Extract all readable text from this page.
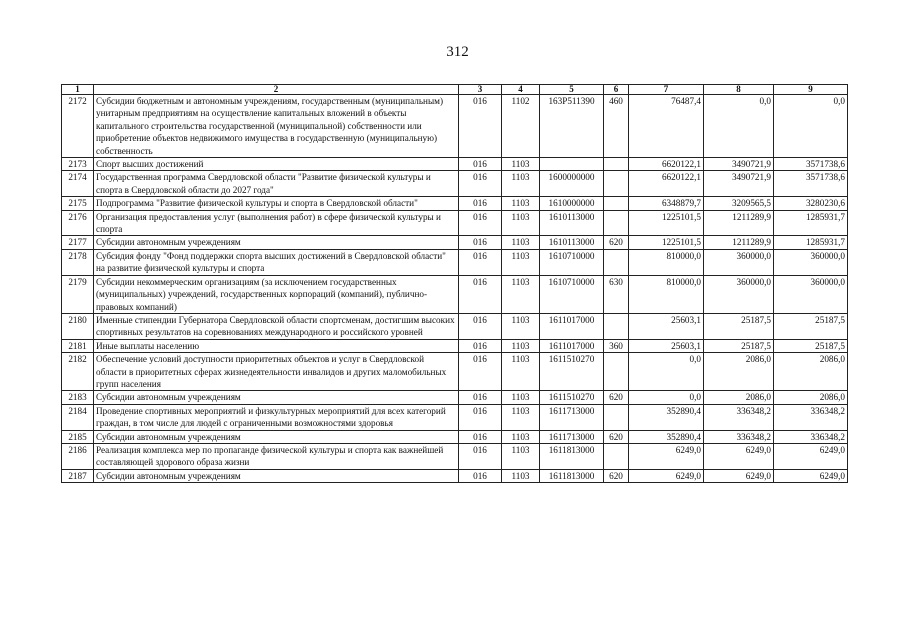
312
1	2	3	4	5	6	7	8	9
2172	Субсидии бюджетным и автономным учреждениям, государственным (муниципальным) унитарным предприятиям на осуществление капитальных вложений в объекты капитального строительства государственной (муниципальной) собственности или приобретение объектов недвижимого имущества в государственную (муниципальную) собственность	016	1102	163P511390	460	76487,4	0,0	0,0
2173	Спорт высших достижений	016	1103			6620122,1	3490721,9	3571738,6
2174	Государственная программа Свердловской области "Развитие физической культуры и спорта в Свердловской области до 2027 года"	016	1103	1600000000		6620122,1	3490721,9	3571738,6
2175	Подпрограмма "Развитие физической культуры и спорта в Свердловской области"	016	1103	1610000000		6348879,7	3209565,5	3280230,6
2176	Организация предоставления услуг (выполнения работ) в сфере физической культуры и спорта	016	1103	1610113000		1225101,5	1211289,9	1285931,7
2177	Субсидии автономным учреждениям	016	1103	1610113000	620	1225101,5	1211289,9	1285931,7
2178	Субсидия фонду "Фонд поддержки спорта высших достижений в Свердловской области" на развитие физической культуры и спорта	016	1103	1610710000		810000,0	360000,0	360000,0
2179	Субсидии некоммерческим организациям (за исключением государственных (муниципальных) учреждений, государственных корпораций (компаний), публично-правовых компаний)	016	1103	1610710000	630	810000,0	360000,0	360000,0
2180	Именные стипендии Губернатора Свердловской области спортсменам, достигшим высоких спортивных результатов на соревнованиях международного и российского уровней	016	1103	1611017000		25603,1	25187,5	25187,5
2181	Иные выплаты населению	016	1103	1611017000	360	25603,1	25187,5	25187,5
2182	Обеспечение условий доступности приоритетных объектов и услуг в Свердловской области в приоритетных сферах жизнедеятельности инвалидов и других маломобильных групп населения	016	1103	1611510270		0,0	2086,0	2086,0
2183	Субсидии автономным учреждениям	016	1103	1611510270	620	0,0	2086,0	2086,0
2184	Проведение спортивных мероприятий и физкультурных мероприятий для всех категорий граждан, в том числе для людей с ограниченными возможностями здоровья	016	1103	1611713000		352890,4	336348,2	336348,2
2185	Субсидии автономным учреждениям	016	1103	1611713000	620	352890,4	336348,2	336348,2
2186	Реализация комплекса мер по пропаганде физической культуры и спорта как важнейшей составляющей здорового образа жизни	016	1103	1611813000		6249,0	6249,0	6249,0
2187	Субсидии автономным учреждениям	016	1103	1611813000	620	6249,0	6249,0	6249,0
